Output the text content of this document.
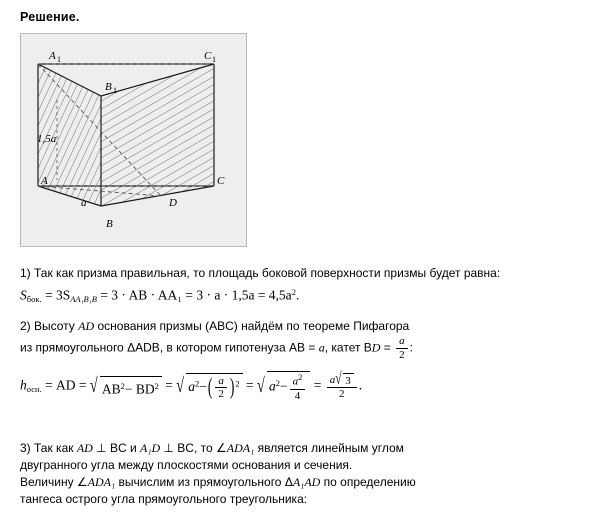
Решение.
A 1
B 1
C 1
A
B
C
D
1,5a
a
1) Так как призма правильная, то площадь боковой поверхности призмы будет равна:
$S_{бок.} = 3SAA_1B_1B = 3$ · AB · $AA_1 = 3 \cdot a \cdot 1,5a = 4,5a^2$.
2) Высоту AD основания призмы (ABC) найдём по теореме Пифагора
из прямоугольного ΔADB, в котором гипотенуза AB = a, катет BD = $\frac{a}{2}$ :
$h_{осн.}$ = AD = √ $AB^2- BD^2$ = √ $a^2-( \frac{a}{2} )^2$ = √ $a^2- \frac{a^2}{4} = \frac{a √ 3}{2}$ .
3) Так как AD ⊥ BC и A₁D ⊥ BC, то ∠ADA₁ является линейным углом
двугранного угла между плоскостями основания и сечения.
Величину ∠ADA₁ вычислим из прямоугольного ΔA₁AD по определению
тангеса острого угла прямоугольного треугольника:
